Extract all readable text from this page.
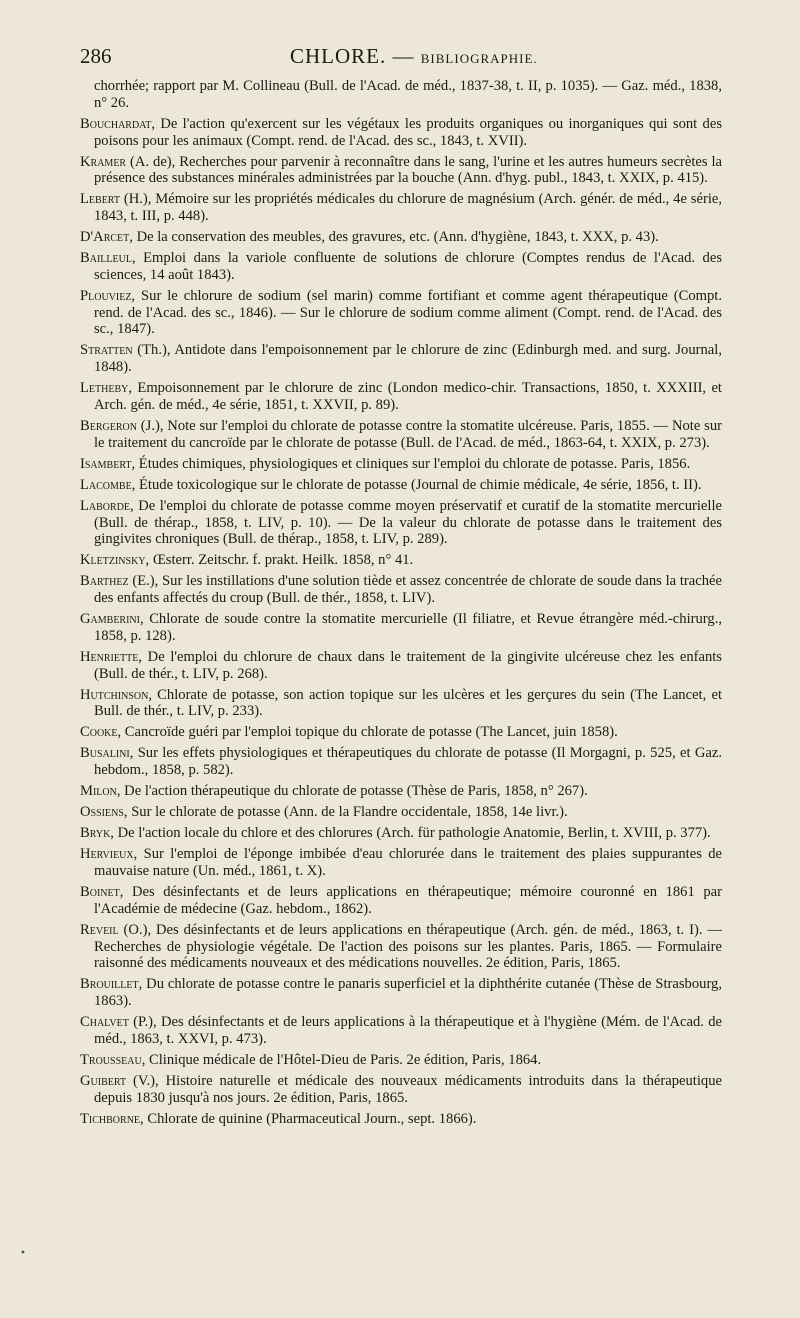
286	CHLORE. — BIBLIOGRAPHIE.

chorrhée; rapport par M. Collineau (Bull. de l'Acad. de méd., 1837-38, t. II, p. 1035). — Gaz. méd., 1838, n° 26.

Bouchardat, De l'action qu'exercent sur les végétaux les produits organiques ou inorganiques qui sont des poisons pour les animaux (Compt. rend. de l'Acad. des sc., 1843, t. XVII).

Kramer (A. de), Recherches pour parvenir à reconnaître dans le sang, l'urine et les autres humeurs secrètes la présence des substances minérales administrées par la bouche (Ann. d'hyg. publ., 1843, t. XXIX, p. 415).

Lebert (H.), Mémoire sur les propriétés médicales du chlorure de magnésium (Arch. génér. de méd., 4e série, 1843, t. III, p. 448).

D'Arcet, De la conservation des meubles, des gravures, etc. (Ann. d'hygiène, 1843, t. XXX, p. 43).

Bailleul, Emploi dans la variole confluente de solutions de chlorure (Comptes rendus de l'Acad. des sciences, 14 août 1843).

Plouviez, Sur le chlorure de sodium (sel marin) comme fortifiant et comme agent thérapeutique (Compt. rend. de l'Acad. des sc., 1846). — Sur le chlorure de sodium comme aliment (Compt. rend. de l'Acad. des sc., 1847).

Stratten (Th.), Antidote dans l'empoisonnement par le chlorure de zinc (Edinburgh med. and surg. Journal, 1848).

Letheby, Empoisonnement par le chlorure de zinc (London medico-chir. Transactions, 1850, t. XXXIII, et Arch. gén. de méd., 4e série, 1851, t. XXVII, p. 89).

Bergeron (J.), Note sur l'emploi du chlorate de potasse contre la stomatite ulcéreuse. Paris, 1855. — Note sur le traitement du cancroïde par le chlorate de potasse (Bull. de l'Acad. de méd., 1863-64, t. XXIX, p. 273).

Isambert, Études chimiques, physiologiques et cliniques sur l'emploi du chlorate de potasse. Paris, 1856.

Lacombe, Étude toxicologique sur le chlorate de potasse (Journal de chimie médicale, 4e série, 1856, t. II).

Laborde, De l'emploi du chlorate de potasse comme moyen préservatif et curatif de la stomatite mercurielle (Bull. de thérap., 1858, t. LIV, p. 10). — De la valeur du chlorate de potasse dans le traitement des gingivites chroniques (Bull. de thérap., 1858, t. LIV, p. 289).

Kletzinsky, Œsterr. Zeitschr. f. prakt. Heilk. 1858, n° 41.

Barthez (E.), Sur les instillations d'une solution tiède et assez concentrée de chlorate de soude dans la trachée des enfants affectés du croup (Bull. de thér., 1858, t. LIV).

Gamberini, Chlorate de soude contre la stomatite mercurielle (Il filiatre, et Revue étrangère méd.-chirurg., 1858, p. 128).

Henriette, De l'emploi du chlorure de chaux dans le traitement de la gingivite ulcéreuse chez les enfants (Bull. de thér., t. LIV, p. 268).

Hutchinson, Chlorate de potasse, son action topique sur les ulcères et les gerçures du sein (The Lancet, et Bull. de thér., t. LIV, p. 233).

Cooke, Cancroïde guéri par l'emploi topique du chlorate de potasse (The Lancet, juin 1858).

Busalini, Sur les effets physiologiques et thérapeutiques du chlorate de potasse (Il Morgagni, p. 525, et Gaz. hebdom., 1858, p. 582).

Milon, De l'action thérapeutique du chlorate de potasse (Thèse de Paris, 1858, n° 267).

Ossiens, Sur le chlorate de potasse (Ann. de la Flandre occidentale, 1858, 14e livr.).

Bryk, De l'action locale du chlore et des chlorures (Arch. für pathologie Anatomie, Berlin, t. XVIII, p. 377).

Hervieux, Sur l'emploi de l'éponge imbibée d'eau chlorurée dans le traitement des plaies suppurantes de mauvaise nature (Un. méd., 1861, t. X).

Boinet, Des désinfectants et de leurs applications en thérapeutique; mémoire couronné en 1861 par l'Académie de médecine (Gaz. hebdom., 1862).

Reveil (O.), Des désinfectants et de leurs applications en thérapeutique (Arch. gén. de méd., 1863, t. I). — Recherches de physiologie végétale. De l'action des poisons sur les plantes. Paris, 1865. — Formulaire raisonné des médicaments nouveaux et des médications nouvelles. 2e édition, Paris, 1865.

Brouillet, Du chlorate de potasse contre le panaris superficiel et la diphthérite cutanée (Thèse de Strasbourg, 1863).

Chalvet (P.), Des désinfectants et de leurs applications à la thérapeutique et à l'hygiène (Mém. de l'Acad. de méd., 1863, t. XXVI, p. 473).

Trousseau, Clinique médicale de l'Hôtel-Dieu de Paris. 2e édition, Paris, 1864.

Guibert (V.), Histoire naturelle et médicale des nouveaux médicaments introduits dans la thérapeutique depuis 1830 jusqu'à nos jours. 2e édition, Paris, 1865.

Tichborne, Chlorate de quinine (Pharmaceutical Journ., sept. 1866).

•
